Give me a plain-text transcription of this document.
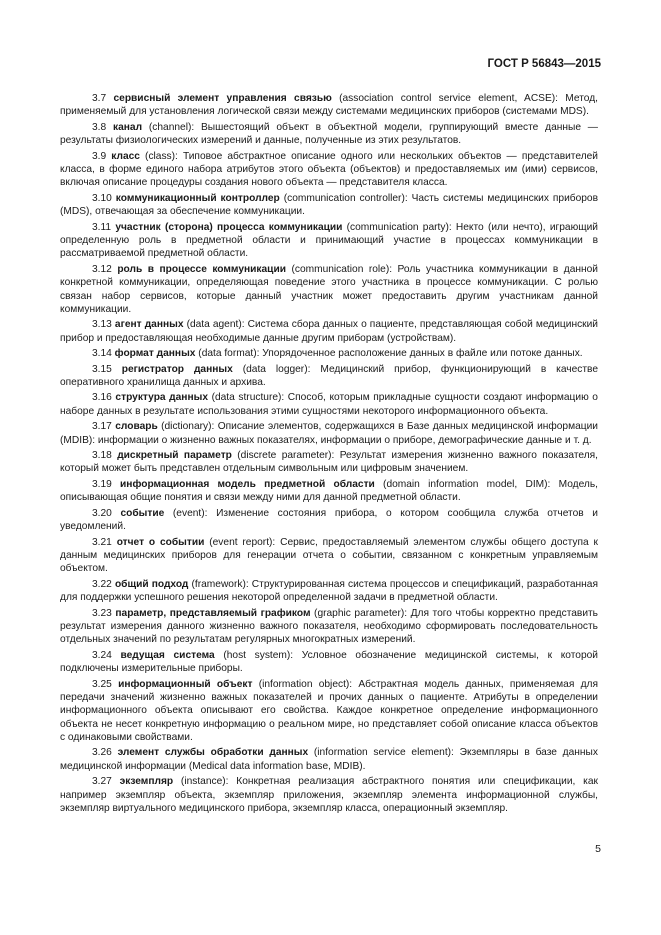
ГОСТ Р 56843—2015

3.7 сервисный элемент управления связью (association control service element, ACSE): Метод, применяемый для установления логической связи между системами медицинских приборов (системами MDS).

3.8 канал (channel): Вышестоящий объект в объектной модели, группирующий вместе данные — результаты физиологических измерений и данные, полученные из этих результатов.

3.9 класс (class): Типовое абстрактное описание одного или нескольких объектов — представителей класса, в форме единого набора атрибутов этого объекта (объектов) и предоставляемых им (ими) сервисов, включая описание процедуры создания нового объекта — представителя класса.

3.10 коммуникационный контроллер (communication controller): Часть системы медицинских приборов (MDS), отвечающая за обеспечение коммуникации.

3.11 участник (сторона) процесса коммуникации (communication party): Некто (или нечто), играющий определенную роль в предметной области и принимающий участие в процессах коммуникации в рассматриваемой предметной области.

3.12 роль в процессе коммуникации (communication role): Роль участника коммуникации в данной конкретной коммуникации, определяющая поведение этого участника в процессе коммуникации. С ролью связан набор сервисов, которые данный участник может предоставить другим участникам данной коммуникации.

3.13 агент данных (data agent): Система сбора данных о пациенте, представляющая собой медицинский прибор и предоставляющая необходимые данные другим приборам (устройствам).

3.14 формат данных (data format): Упорядоченное расположение данных в файле или потоке данных.

3.15 регистратор данных (data logger): Медицинский прибор, функционирующий в качестве оперативного хранилища данных и архива.

3.16 структура данных (data structure): Способ, которым прикладные сущности создают информацию о наборе данных в результате использования этими сущностями некоторого информационного объекта.

3.17 словарь (dictionary): Описание элементов, содержащихся в Базе данных медицинской информации (MDIB): информации о жизненно важных показателях, информации о приборе, демографические данные и т. д.

3.18 дискретный параметр (discrete parameter): Результат измерения жизненно важного показателя, который может быть представлен отдельным символьным или цифровым значением.

3.19 информационная модель предметной области (domain information model, DIM): Модель, описывающая общие понятия и связи между ними для данной предметной области.

3.20 событие (event): Изменение состояния прибора, о котором сообщила служба отчетов и уведомлений.

3.21 отчет о событии (event report): Сервис, предоставляемый элементом службы общего доступа к данным медицинских приборов для генерации отчета о событии, связанном с конкретным управляемым объектом.

3.22 общий подход (framework): Структурированная система процессов и спецификаций, разработанная для поддержки успешного решения некоторой определенной задачи в предметной области.

3.23 параметр, представляемый графиком (graphic parameter): Для того чтобы корректно представить результат измерения данного жизненно важного показателя, необходимо сформировать последовательность отдельных значений по результатам регулярных многократных измерений.

3.24 ведущая система (host system): Условное обозначение медицинской системы, к которой подключены измерительные приборы.

3.25 информационный объект (information object): Абстрактная модель данных, применяемая для передачи значений жизненно важных показателей и прочих данных о пациенте. Атрибуты в определении информационного объекта описывают его свойства. Каждое конкретное определение информационного объекта не несет конкретную информацию о реальном мире, но представляет собой описание класса объектов с одинаковыми свойствами.

3.26 элемент службы обработки данных (information service element): Экземпляры в базе данных медицинской информации (Medical data information base, MDIB).

3.27 экземпляр (instance): Конкретная реализация абстрактного понятия или спецификации, как например экземпляр объекта, экземпляр приложения, экземпляр элемента информационной службы, экземпляр виртуального медицинского прибора, экземпляр класса, операционный экземпляр.

5
